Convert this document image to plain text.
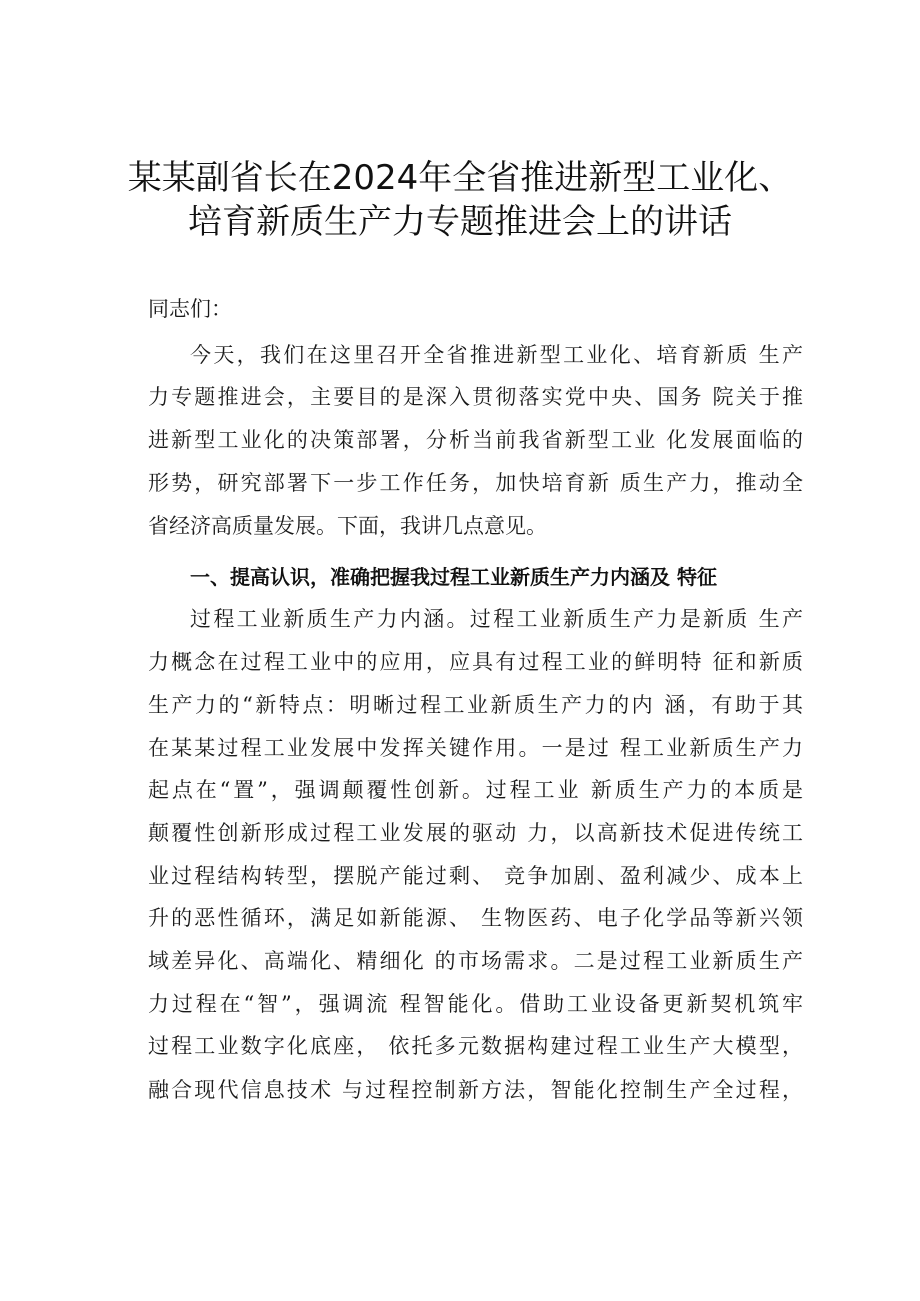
某某副省长在2024年全省推进新型工业化、
培育新质生产力专题推进会上的讲话
同志们：
今天，我们在这里召开全省推进新型工业化、培育新质 生产
力专题推进会，主要目的是深入贯彻落实党中央、国务 院关于推
进新型工业化的决策部署，分析当前我省新型工业 化发展面临的
形势，研究部署下一步工作任务，加快培育新 质生产力，推动全
省经济高质量发展。下面，我讲几点意见。
一、提高认识，准确把握我过程工业新质生产力内涵及 特征
过程工业新质生产力内涵。过程工业新质生产力是新质 生产
力概念在过程工业中的应用，应具有过程工业的鲜明特 征和新质
生产力的“新特点：明晰过程工业新质生产力的内 涵，有助于其
在某某过程工业发展中发挥关键作用。一是过 程工业新质生产力
起点在“置”，强调颠覆性创新。过程工业 新质生产力的本质是
颠覆性创新形成过程工业发展的驱动 力，以高新技术促进传统工
业过程结构转型，摆脱产能过剩、 竞争加剧、盈利减少、成本上
升的恶性循环，满足如新能源、 生物医药、电子化学品等新兴领
域差异化、高端化、精细化 的市场需求。二是过程工业新质生产
力过程在“智”，强调流 程智能化。借助工业设备更新契机筑牢
过程工业数字化底座， 依托多元数据构建过程工业生产大模型，
融合现代信息技术 与过程控制新方法，智能化控制生产全过程，
